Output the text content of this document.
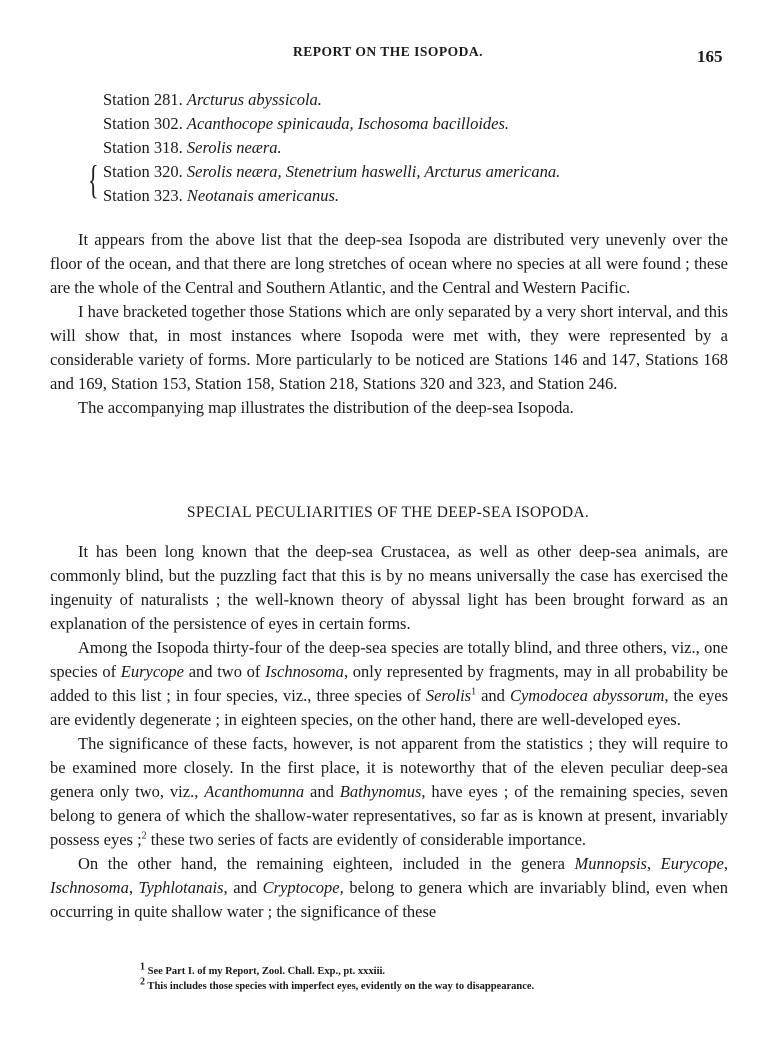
REPORT ON THE ISOPODA.	165
{
Station 281. Arcturus abyssicola.
Station 302. Acanthocope spinicauda, Ischosoma bacilloides.
Station 318. Serolis neæra.
Station 320. Serolis neæra, Stenetrium haswelli, Arcturus americana.
Station 323. Neotanais americanus.

It appears from the above list that the deep-sea Isopoda are distributed very unevenly over the floor of the ocean, and that there are long stretches of ocean where no species at all were found ; these are the whole of the Central and Southern Atlantic, and the Central and Western Pacific.

I have bracketed together those Stations which are only separated by a very short interval, and this will show that, in most instances where Isopoda were met with, they were represented by a considerable variety of forms. More particularly to be noticed are Stations 146 and 147, Stations 168 and 169, Station 153, Station 158, Station 218, Stations 320 and 323, and Station 246.

The accompanying map illustrates the distribution of the deep-sea Isopoda.

SPECIAL PECULIARITIES OF THE DEEP-SEA ISOPODA.

It has been long known that the deep-sea Crustacea, as well as other deep-sea animals, are commonly blind, but the puzzling fact that this is by no means universally the case has exercised the ingenuity of naturalists ; the well-known theory of abyssal light has been brought forward as an explanation of the persistence of eyes in certain forms.

Among the Isopoda thirty-four of the deep-sea species are totally blind, and three others, viz., one species of Eurycope and two of Ischnosoma, only represented by fragments, may in all probability be added to this list ; in four species, viz., three species of Serolis$^1$ and Cymodocea abyssorum, the eyes are evidently degenerate ; in eighteen species, on the other hand, there are well-developed eyes.

The significance of these facts, however, is not apparent from the statistics ; they will require to be examined more closely. In the first place, it is noteworthy that of the eleven peculiar deep-sea genera only two, viz., Acanthomunna and Bathynomus, have eyes ; of the remaining species, seven belong to genera of which the shallow-water representatives, so far as is known at present, invariably possess eyes ;$^2$ these two series of facts are evidently of considerable importance.

On the other hand, the remaining eighteen, included in the genera Munnopsis, Eurycope, Ischnosoma, Typhlotanais, and Cryptocope, belong to genera which are invariably blind, even when occurring in quite shallow water ; the significance of these

$^1$ See Part I. of my Report, Zool. Chall. Exp., pt. xxxiii.
$^2$ This includes those species with imperfect eyes, evidently on the way to disappearance.
